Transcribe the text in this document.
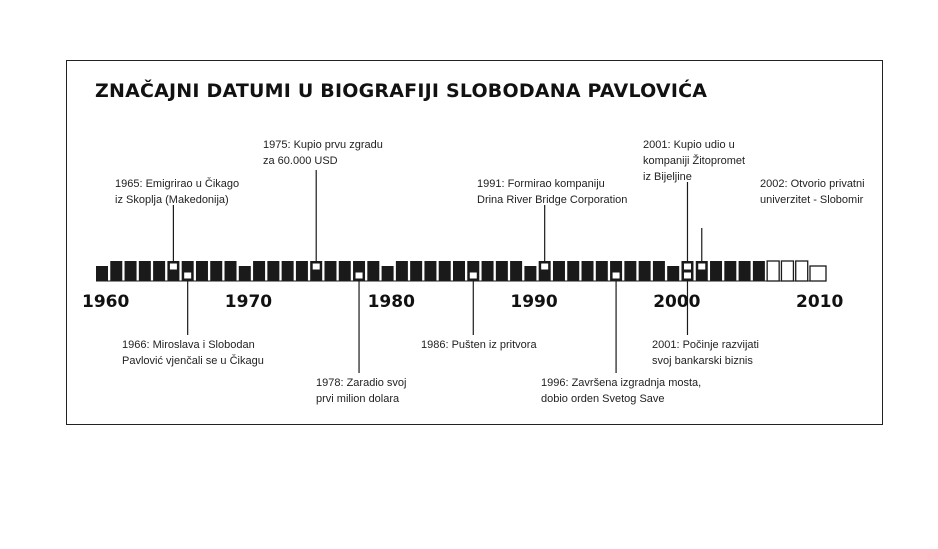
ZNAČAJNI DATUMI U BIOGRAFIJI SLOBODANA PAVLOVIĆA
1960	1970	1980	1990	2000	2010
1965: Emigrirao u Čikago
iz Skoplja (Makedonija)
1966: Miroslava i Slobodan
Pavlović vjenčali se u Čikagu
1975: Kupio prvu zgradu
za 60.000 USD
1978: Zaradio svoj
prvi milion dolara
1986: Pušten iz pritvora
1991: Formirao kompaniju
Drina River Bridge Corporation
1996: Završena izgradnja mosta,
dobio orden Svetog Save
2001: Kupio udio u
kompaniji Žitopromet
iz Bijeljine
2001: Počinje razvijati
svoj bankarski biznis
2002: Otvorio privatni
univerzitet - Slobomir
